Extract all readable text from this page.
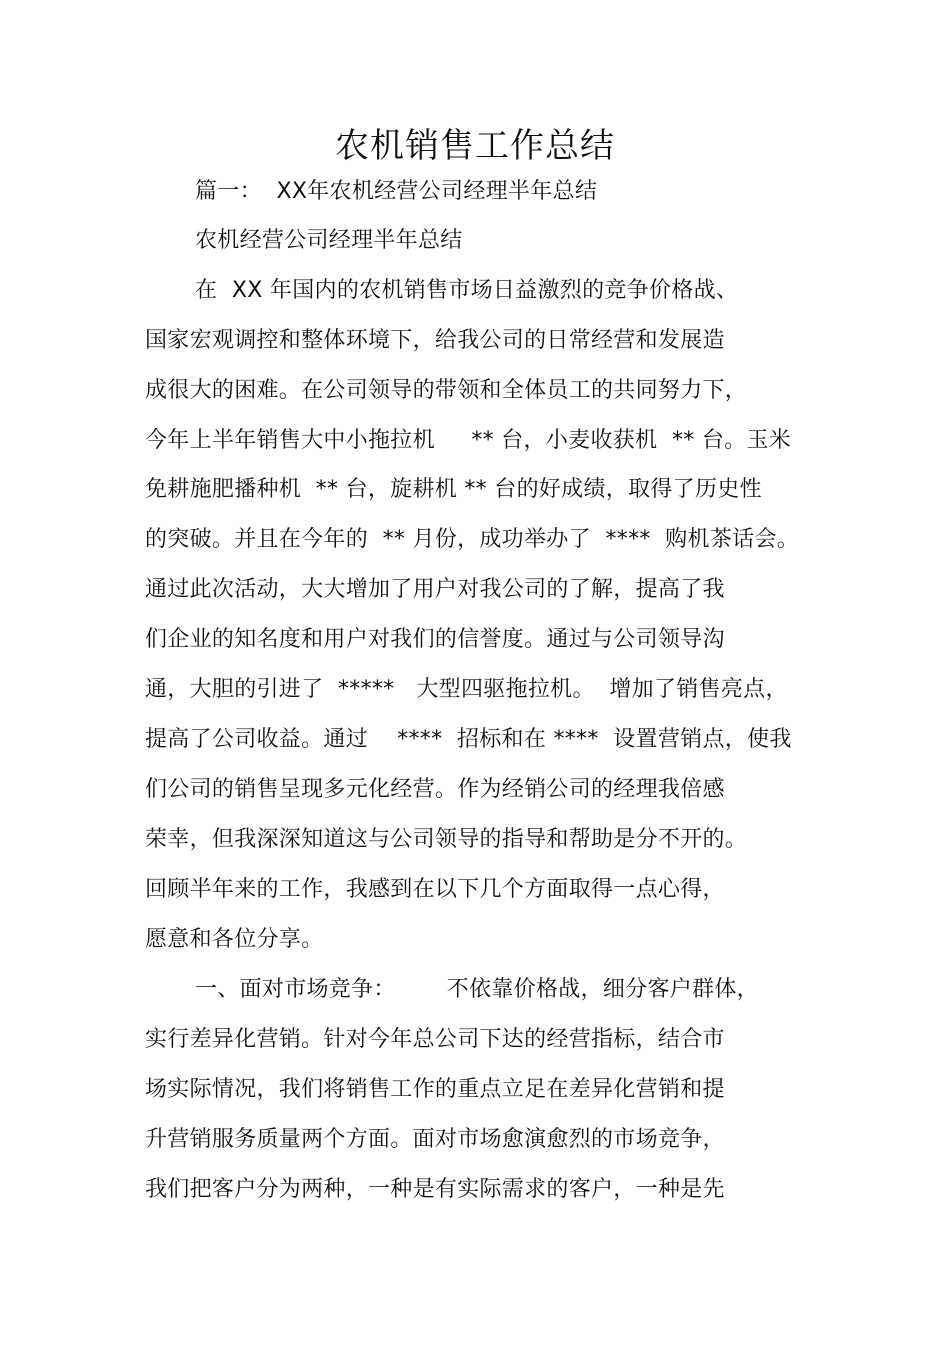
农机销售工作总结
篇一：  XX年农机经营公司经理半年总结
农机经营公司经理半年总结
在  XX 年国内的农机销售市场日益激烈的竞争价格战、
国家宏观调控和整体环境下，给我公司的日常经营和发展造
成很大的困难。在公司领导的带领和全体员工的共同努力下，
今年上半年销售大中小拖拉机     ** 台，小麦收获机  ** 台。玉米
免耕施肥播种机  ** 台，旋耕机 ** 台的好成绩，取得了历史性
的突破。并且在今年的  ** 月份，成功举办了  ****  购机茶话会。
通过此次活动，大大增加了用户对我公司的了解，提高了我
们企业的知名度和用户对我们的信誉度。通过与公司领导沟
通，大胆的引进了  *****   大型四驱拖拉机。  增加了销售亮点，
提高了公司收益。通过    ****  招标和在 ****  设置营销点，使我
们公司的销售呈现多元化经营。作为经销公司的经理我倍感
荣幸，但我深深知道这与公司领导的指导和帮助是分不开的。
回顾半年来的工作，我感到在以下几个方面取得一点心得，
愿意和各位分享。
一、面对市场竞争：       不依靠价格战，细分客户群体，
实行差异化营销。针对今年总公司下达的经营指标，结合市
场实际情况，我们将销售工作的重点立足在差异化营销和提
升营销服务质量两个方面。面对市场愈演愈烈的市场竞争，
我们把客户分为两种，一种是有实际需求的客户，一种是先
